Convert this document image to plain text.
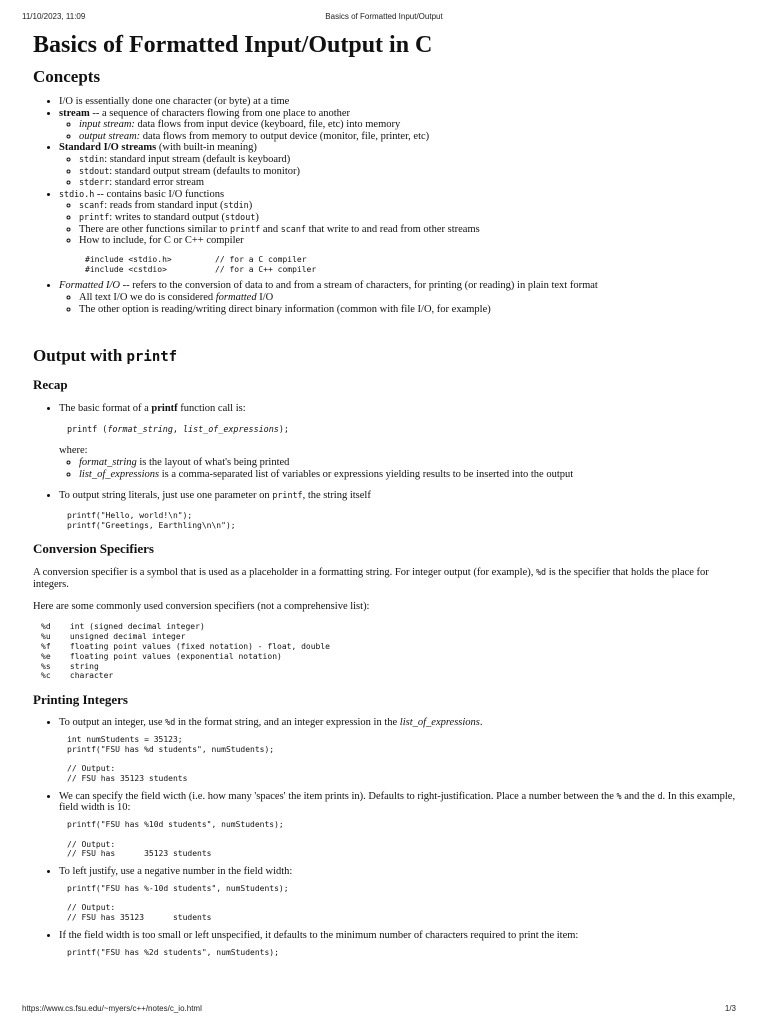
11/10/2023, 11:09	Basics of Formatted Input/Output
Basics of Formatted Input/Output in C
Concepts
• I/O is essentially done one character (or byte) at a time
• stream -- a sequence of characters flowing from one place to another
◦ input stream: data flows from input device (keyboard, file, etc) into memory
◦ output stream: data flows from memory to output device (monitor, file, printer, etc)
• Standard I/O streams (with built-in meaning)
◦ stdin: standard input stream (default is keyboard)
◦ stdout: standard output stream (defaults to monitor)
◦ stderr: standard error stream
• stdio.h -- contains basic I/O functions
◦ scanf: reads from standard input (stdin)
◦ printf: writes to standard output (stdout)
◦ There are other functions similar to printf and scanf that write to and read from other streams
◦ How to include, for C or C++ compiler
#include <stdio.h>         // for a C compiler
#include <cstdio>          // for a C++ compiler
• Formatted I/O -- refers to the conversion of data to and from a stream of characters, for printing (or reading) in plain text format
◦ All text I/O we do is considered formatted I/O
◦ The other option is reading/writing direct binary information (common with file I/O, for example)
Output with printf
Recap
• The basic format of a printf function call is:
printf (format_string, list_of_expressions);

where:

◦ format_string is the layout of what's being printed
◦ list_of_expressions is a comma-separated list of variables or expressions yielding results to be inserted into the output
• To output string literals, just use one parameter on printf, the string itself
printf("Hello, world!\n");
printf("Greetings, Earthling\n\n");
Conversion Specifiers

A conversion specifier is a symbol that is used as a placeholder in a formatting string. For integer output (for example), %d is the specifier that holds the place for integers.

Here are some commonly used conversion specifiers (not a comprehensive list):

%d    int (signed decimal integer)
%u    unsigned decimal integer
%f    floating point values (fixed notation) - float, double
%e    floating point values (exponential notation)
%s    string
%c    character
Printing Integers
• To output an integer, use %d in the format string, and an integer expression in the list_of_expressions.
int numStudents = 35123;
printf("FSU has %d students", numStudents);

// Output:
// FSU has 35123 students
• We can specify the field wicth (i.e. how many 'spaces' the item prints in). Defaults to right-justification. Place a number between the % and the d. In this example, field width is 10:
printf("FSU has %10d students", numStudents);

// Output:
// FSU has      35123 students
• To left justify, use a negative number in the field width:
printf("FSU has %-10d students", numStudents);

// Output:
// FSU has 35123      students
• If the field width is too small or left unspecified, it defaults to the minimum number of characters required to print the item:
printf("FSU has %2d students", numStudents);
https://www.cs.fsu.edu/~myers/c++/notes/c_io.html	1/3
